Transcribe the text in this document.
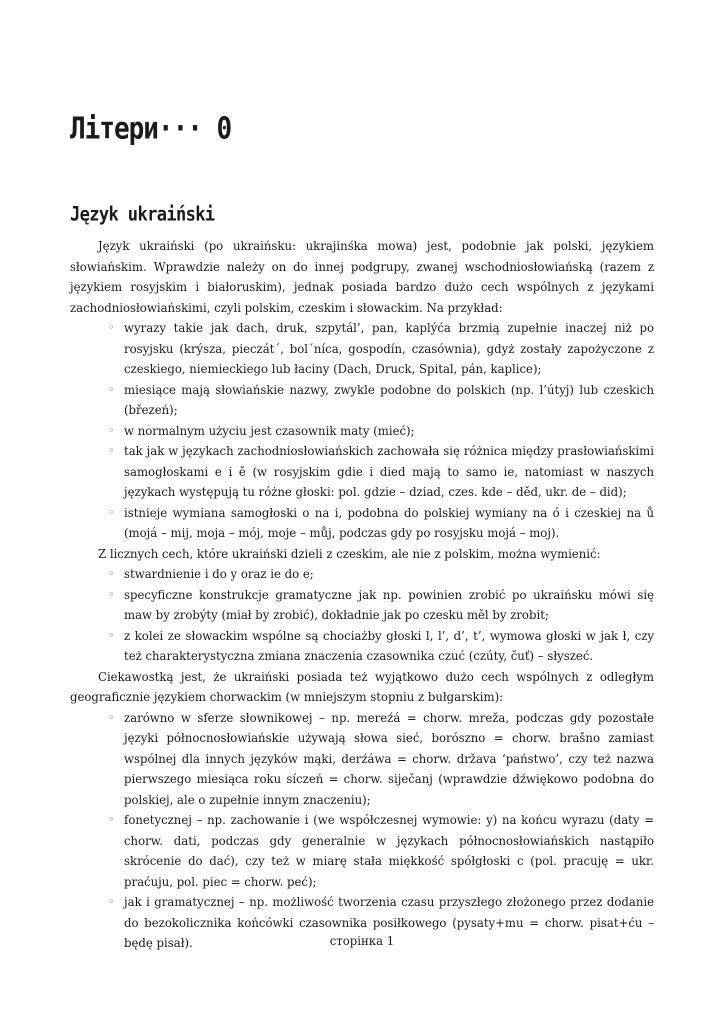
Літери··· 0
Język ukraiński

Język ukraiński (po ukraińsku: ukrajinśka mowa) jest, podobnie jak polski, językiem słowiańskim. Wprawdzie należy on do innej podgrupy, zwanej wschodniosłowiańską (razem z językiem rosyjskim i białoruskim), jednak posiada bardzo dużo cech wspólnych z językami zachodniosłowiańskimi, czyli polskim, czeskim i słowackim. Na przykład:

◦ wyrazy takie jak dach, druk, szpytál’, pan, kaplýća brzmią zupełnie inaczej niż po rosyjsku (krýsza, pieczát´, bol´níca, gospodín, czasównia), gdyż zostały zapożyczone z czeskiego, niemieckiego lub łaciny (Dach, Druck, Spital, pán, kaplice);
◦ miesiące mają słowiańskie nazwy, zwykle podobne do polskich (np. l’útyj) lub czeskich (březeń);
◦ w normalnym użyciu jest czasownik maty (mieć);
◦ tak jak w językach zachodniosłowiańskich zachowała się różnica między prasłowiańskimi samogłoskami e i ě (w rosyjskim gdie i died mają to samo ie, natomiast w naszych językach występują tu różne głoski: pol. gdzie – dziad, czes. kde – děd, ukr. de – did);
◦ istnieje wymiana samogłoski o na i, podobna do polskiej wymiany na ó i czeskiej na ů (mojá – mij, moja – mój, moje – můj, podczas gdy po rosyjsku mojá – moj).

Z licznych cech, które ukraiński dzieli z czeskim, ale nie z polskim, można wymienić:

◦ stwardnienie i do y oraz ie do e;
◦ specyficzne konstrukcje gramatyczne jak np. powinien zrobić po ukraińsku mówi się maw by zrobýty (miał by zrobić), dokładnie jak po czesku měl by zrobit;
◦ z kolei ze słowackim wspólne są chociażby głoski l, l’, d’, t’, wymowa głoski w jak ł, czy też charakterystyczna zmiana znaczenia czasownika czuć (czúty, čuť) – słyszeć.

Ciekawostką jest, że ukraiński posiada też wyjątkowo dużo cech wspólnych z odległym geograficznie językiem chorwackim (w mniejszym stopniu z bułgarskim):

◦ zarówno w sferze słownikowej – np. mereźá = chorw. mreža, podczas gdy pozostałe języki północnosłowiańskie używają słowa sieć, borószno = chorw. brašno zamiast wspólnej dla innych języków mąki, derźáwa = chorw. država ‘państwo’, czy też nazwa pierwszego miesiąca roku síczeń = chorw. siječanj (wprawdzie dźwiękowo podobna do polskiej, ale o zupełnie innym znaczeniu);
◦ fonetycznej – np. zachowanie i (we współczesnej wymowie: y) na końcu wyrazu (daty = chorw. dati, podczas gdy generalnie w językach północnosłowiańskich nastąpiło skrócenie do dać), czy też w miarę stała miękkość spółgłoski c (pol. pracuję = ukr. praćuju, pol. piec = chorw. peć);
◦ jak i gramatycznej – np. możliwość tworzenia czasu przyszłego złożonego przez dodanie do bezokolicznika końcówki czasownika posiłkowego (pysaty+mu = chorw. pisat+ću – będę pisał).	сторінка 1
